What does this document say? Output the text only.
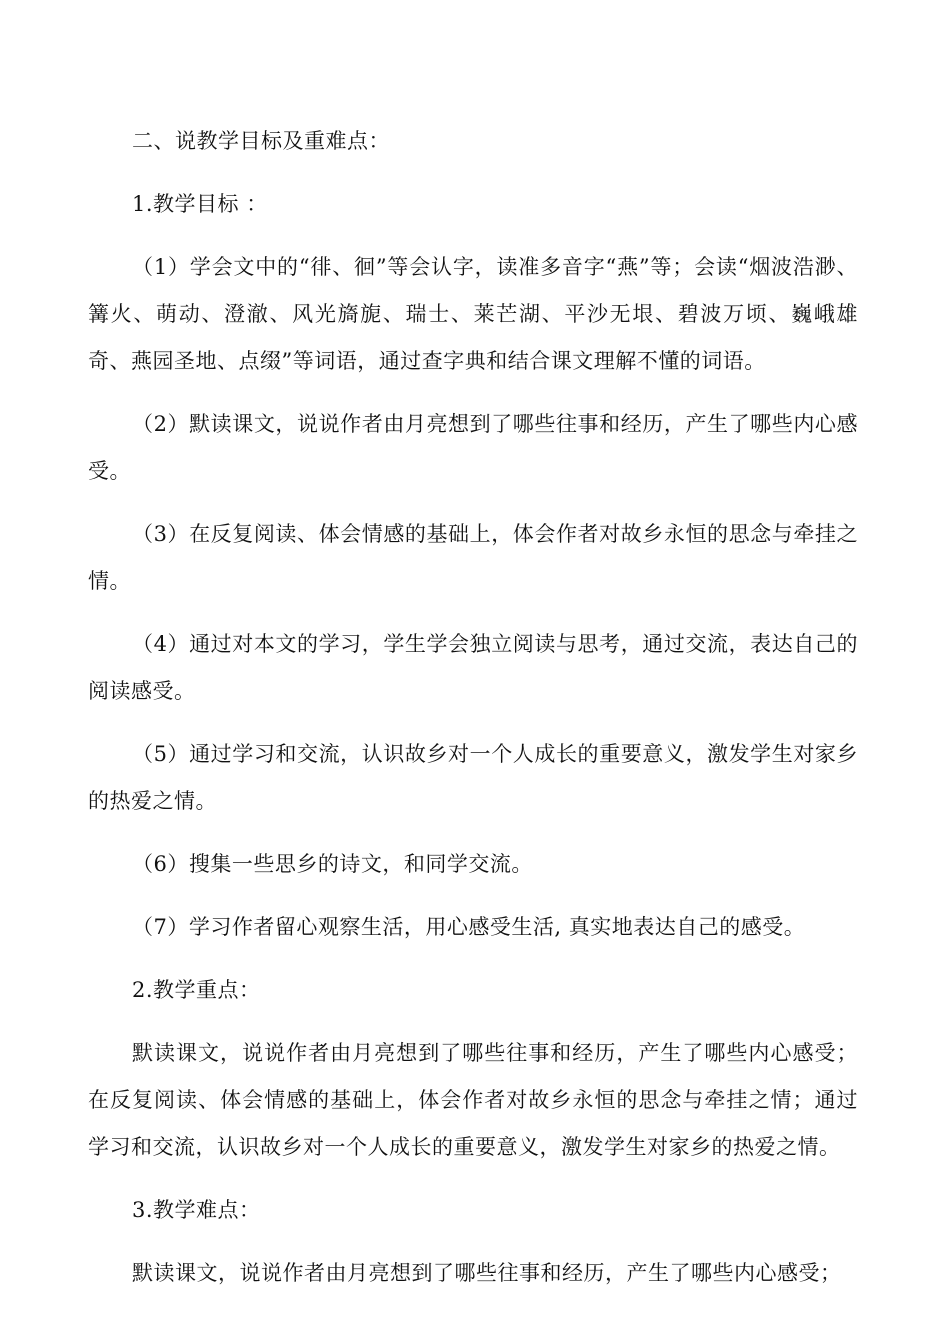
二、说教学目标及重难点：

1.教学目标 ：

（1）学会文中的“徘、徊”等会认字，读准多音字“燕”等；会读“烟波浩渺、篝火、萌动、澄澈、风光旖旎、瑞士、莱芒湖、平沙无垠、碧波万顷、巍峨雄奇、燕园圣地、点缀”等词语，通过查字典和结合课文理解不懂的词语。

（2）默读课文，说说作者由月亮想到了哪些往事和经历，产生了哪些内心感受。

（3）在反复阅读、体会情感的基础上，体会作者对故乡永恒的思念与牵挂之情。

（4）通过对本文的学习，学生学会独立阅读与思考，通过交流，表达自己的阅读感受。

（5）通过学习和交流，认识故乡对一个人成长的重要意义，激发学生对家乡的热爱之情。

（6）搜集一些思乡的诗文，和同学交流。

（7）学习作者留心观察生活，用心感受生活, 真实地表达自己的感受。

2.教学重点：

默读课文，说说作者由月亮想到了哪些往事和经历，产生了哪些内心感受；在反复阅读、体会情感的基础上，体会作者对故乡永恒的思念与牵挂之情；通过学习和交流，认识故乡对一个人成长的重要意义，激发学生对家乡的热爱之情。

3.教学难点：

默读课文，说说作者由月亮想到了哪些往事和经历，产生了哪些内心感受；
